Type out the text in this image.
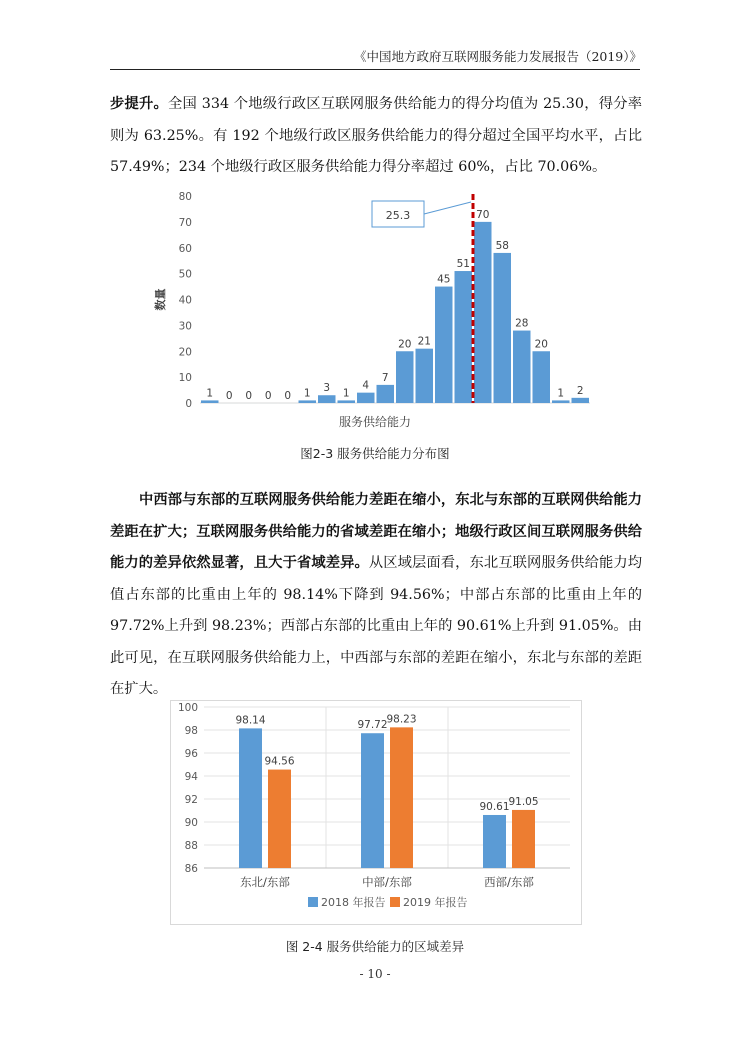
《中国地方政府互联网服务能力发展报告（2019）》

步提升。全国 334 个地级行政区互联网服务供给能力的得分均值为 25.30，得分率则为 63.25%。有 192 个地级行政区服务供给能力的得分超过全国平均水平，占比 57.49%；234 个地级行政区服务供给能力得分率超过 60%，占比 70.06%。

0
10
20
30
40
50
60
70
80
数量
1 0 0 0 0 1 3 1
4
7
20 21
45
51
70
58
28
20
1 2
25.3
服务供给能力
图2-3 服务供给能力分布图

中西部与东部的互联网服务供给能力差距在缩小，东北与东部的互联网供给能力差距在扩大；互联网服务供给能力的省域差距在缩小；地级行政区间互联网服务供给能力的差异依然显著，且大于省域差异。从区域层面看，东北互联网服务供给能力均值占东部的比重由上年的 98.14%下降到 94.56%；中部占东部的比重由上年的 97.72%上升到 98.23%；西部占东部的比重由上年的 90.61%上升到 91.05%。由此可见，在互联网服务供给能力上，中西部与东部的差距在缩小，东北与东部的差距在扩大。

86
88
90
92
94
96
98
100
98.14
94.56
东北/东部
97.72
98.23
中部/东部
90.61
91.05
西部/东部
2018 年报告 2019 年报告
图 2-4 服务供给能力的区域差异
- 10 -
